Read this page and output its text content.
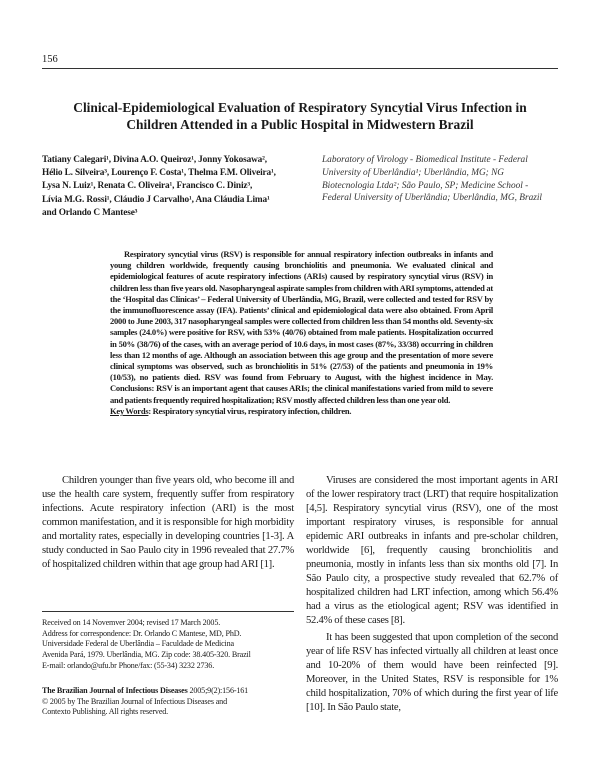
156
Clinical-Epidemiological Evaluation of Respiratory Syncytial Virus Infection in
Children Attended in a Public Hospital in Midwestern Brazil
Tatiany Calegari¹, Divina A.O. Queiroz¹, Jonny Yokosawa²,
Hélio L. Silveira³, Lourenço F. Costa¹, Thelma F.M. Oliveira¹,
Lysa N. Luiz¹, Renata C. Oliveira¹, Francisco C. Diniz³,
Lívia M.G. Rossi¹, Cláudio J Carvalho¹, Ana Cláudia Lima¹
and Orlando C Mantese³
Laboratory of Virology - Biomedical Institute - Federal University of Uberlândia¹; Uberlândia, MG; NG Biotecnologia Ltda²; São Paulo, SP; Medicine School - Federal University of Uberlândia; Uberlândia, MG, Brazil

Respiratory syncytial virus (RSV) is responsible for annual respiratory infection outbreaks in infants and young children worldwide, frequently causing bronchiolitis and pneumonia. We evaluated clinical and epidemiological features of acute respiratory infections (ARIs) caused by respiratory syncytial virus (RSV) in children less than five years old. Nasopharyngeal aspirate samples from children with ARI symptoms, attended at the ‘Hospital das Clínicas’ – Federal University of Uberlândia, MG, Brazil, were collected and tested for RSV by the immunofluorescence assay (IFA). Patients’ clinical and epidemiological data were also obtained. From April 2000 to June 2003, 317 nasopharyngeal samples were collected from children less than 54 months old. Seventy-six samples (24.0%) were positive for RSV, with 53% (40/76) obtained from male patients. Hospitalization occurred in 50% (38/76) of the cases, with an average period of 10.6 days, in most cases (87%, 33/38) occurring in children less than 12 months of age. Although an association between this age group and the presentation of more severe clinical symptoms was observed, such as bronchiolitis in 51% (27/53) of the patients and pneumonia in 19% (10/53), no patients died. RSV was found from February to August, with the highest incidence in May. Conclusions: RSV is an important agent that causes ARIs; the clinical manifestations varied from mild to severe and patients frequently required hospitalization; RSV mostly affected children less than one year old.

Key Words: Respiratory syncytial virus, respiratory infection, children.

Children younger than five years old, who become ill and use the health care system, frequently suffer from respiratory infections. Acute respiratory infection (ARI) is the most common manifestation, and it is responsible for high morbidity and mortality rates, especially in developing countries [1-3]. A study conducted in Sao Paulo city in 1996 revealed that 27.7% of hospitalized children within that age group had ARI [1].

Received on 14 Novemver 2004; revised 17 March 2005.
Address for correspondence: Dr. Orlando C Mantese, MD, PhD.
Universidade Federal de Uberlândia – Faculdade de Medicina
Avenida Pará, 1979. Uberlândia, MG. Zip code: 38.405-320. Brazil
E-mail: orlando@ufu.br Phone/fax: (55-34) 3232 2736.
The Brazilian Journal of Infectious Diseases 2005;9(2):156-161
© 2005 by The Brazilian Journal of Infectious Diseases and
Contexto Publishing. All rights reserved.

Viruses are considered the most important agents in ARI of the lower respiratory tract (LRT) that require hospitalization [4,5]. Respiratory syncytial virus (RSV), one of the most important respiratory viruses, is responsible for annual epidemic ARI outbreaks in infants and pre-scholar children, worldwide [6], frequently causing bronchiolitis and pneumonia, mostly in infants less than six months old [7]. In São Paulo city, a prospective study revealed that 62.7% of hospitalized children had LRT infection, among which 56.4% had a virus as the etiological agent; RSV was identified in 52.4% of these cases [8].

It has been suggested that upon completion of the second year of life RSV has infected virtually all children at least once and 10-20% of them would have been reinfected [9]. Moreover, in the United States, RSV is responsible for 1% child hospitalization, 70% of which during the first year of life [10]. In São Paulo state,
